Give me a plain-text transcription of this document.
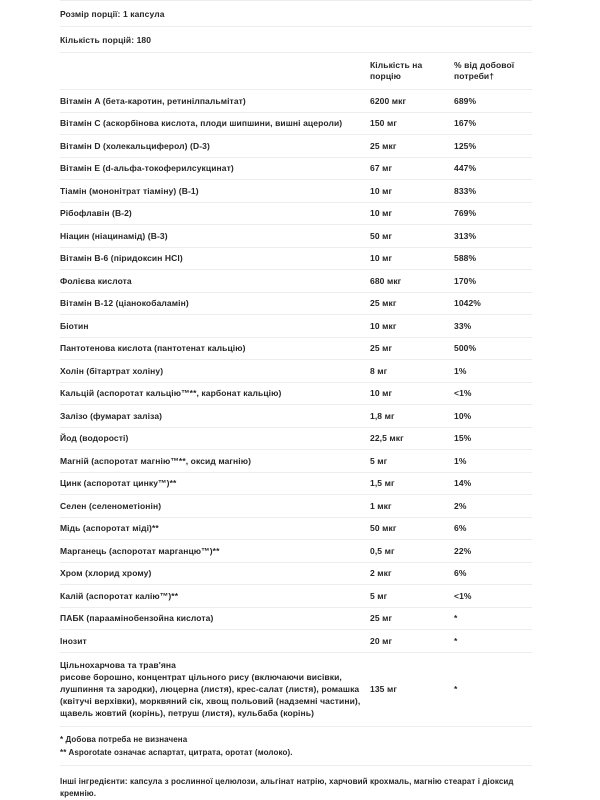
Розмір порції: 1 капсула
Кількість порцій: 180
	Кількість на порцію	% від добової потреби†
Вітамін A (бета-каротин, ретинілпальмітат)	6200 мкг	689%
Вітамін C (аскорбінова кислота, плоди шипшини, вишні ацероли)	150 мг	167%
Вітамін D (холекальциферол) (D-3)	25 мкг	125%
Вітамін E (d-альфа-токоферилсукцинат)	67 мг	447%
Тіамін (мононітрат тіаміну) (B-1)	10 мг	833%
Рібофлавін (B-2)	10 мг	769%
Ніацин (ніацинамід) (B-3)	50 мг	313%
Вітамін B-6 (піридоксин HCl)	10 мг	588%
Фолієва кислота	680 мкг	170%
Вітамін B-12 (ціанокобаламін)	25 мкг	1042%
Біотин	10 мкг	33%
Пантотенова кислота (пантотенат кальцію)	25 мг	500%
Холін (бітартрат холіну)	8 мг	1%
Кальцій (аспоротат кальцію™**, карбонат кальцію)	10 мг	<1%
Залізо (фумарат заліза)	1,8 мг	10%
Йод (водорості)	22,5 мкг	15%
Магній (аспоротат магнію™**, оксид магнію)	5 мг	1%
Цинк (аспоротат цинку™)**	1,5 мг	14%
Селен (селенометіонін)	1 мкг	2%
Мідь (аспоротат міді)**	50 мкг	6%
Марганець (аспоротат марганцю™)**	0,5 мг	22%
Хром (хлорид хрому)	2 мкг	6%
Калій (аспоротат калію™)**	5 мг	<1%
ПАБК (параамінобензойна кислота)	25 мг	*
Інозит	20 мг	*

Цільнохарчова та трав'яна
рисове борошно, концентрат цільного рису (включаючи висівки, лушпиння та зародки), люцерна (листя), крес-салат (листя), ромашка (квітучі верхівки), морквяний сік, хвощ польовий (надземні частини), щавель жовтий (корінь), петруш (листя), кульбаба (корінь)	135 мг	*
* Добова потреба не визначена
** Asporotate означає аспартат, цитрата, оротат (молоко).
Інші інгредієнти: капсула з рослинної целюлози, альгінат натрію, харчовий крохмаль, магнію стеарат і діоксид кремнію.
